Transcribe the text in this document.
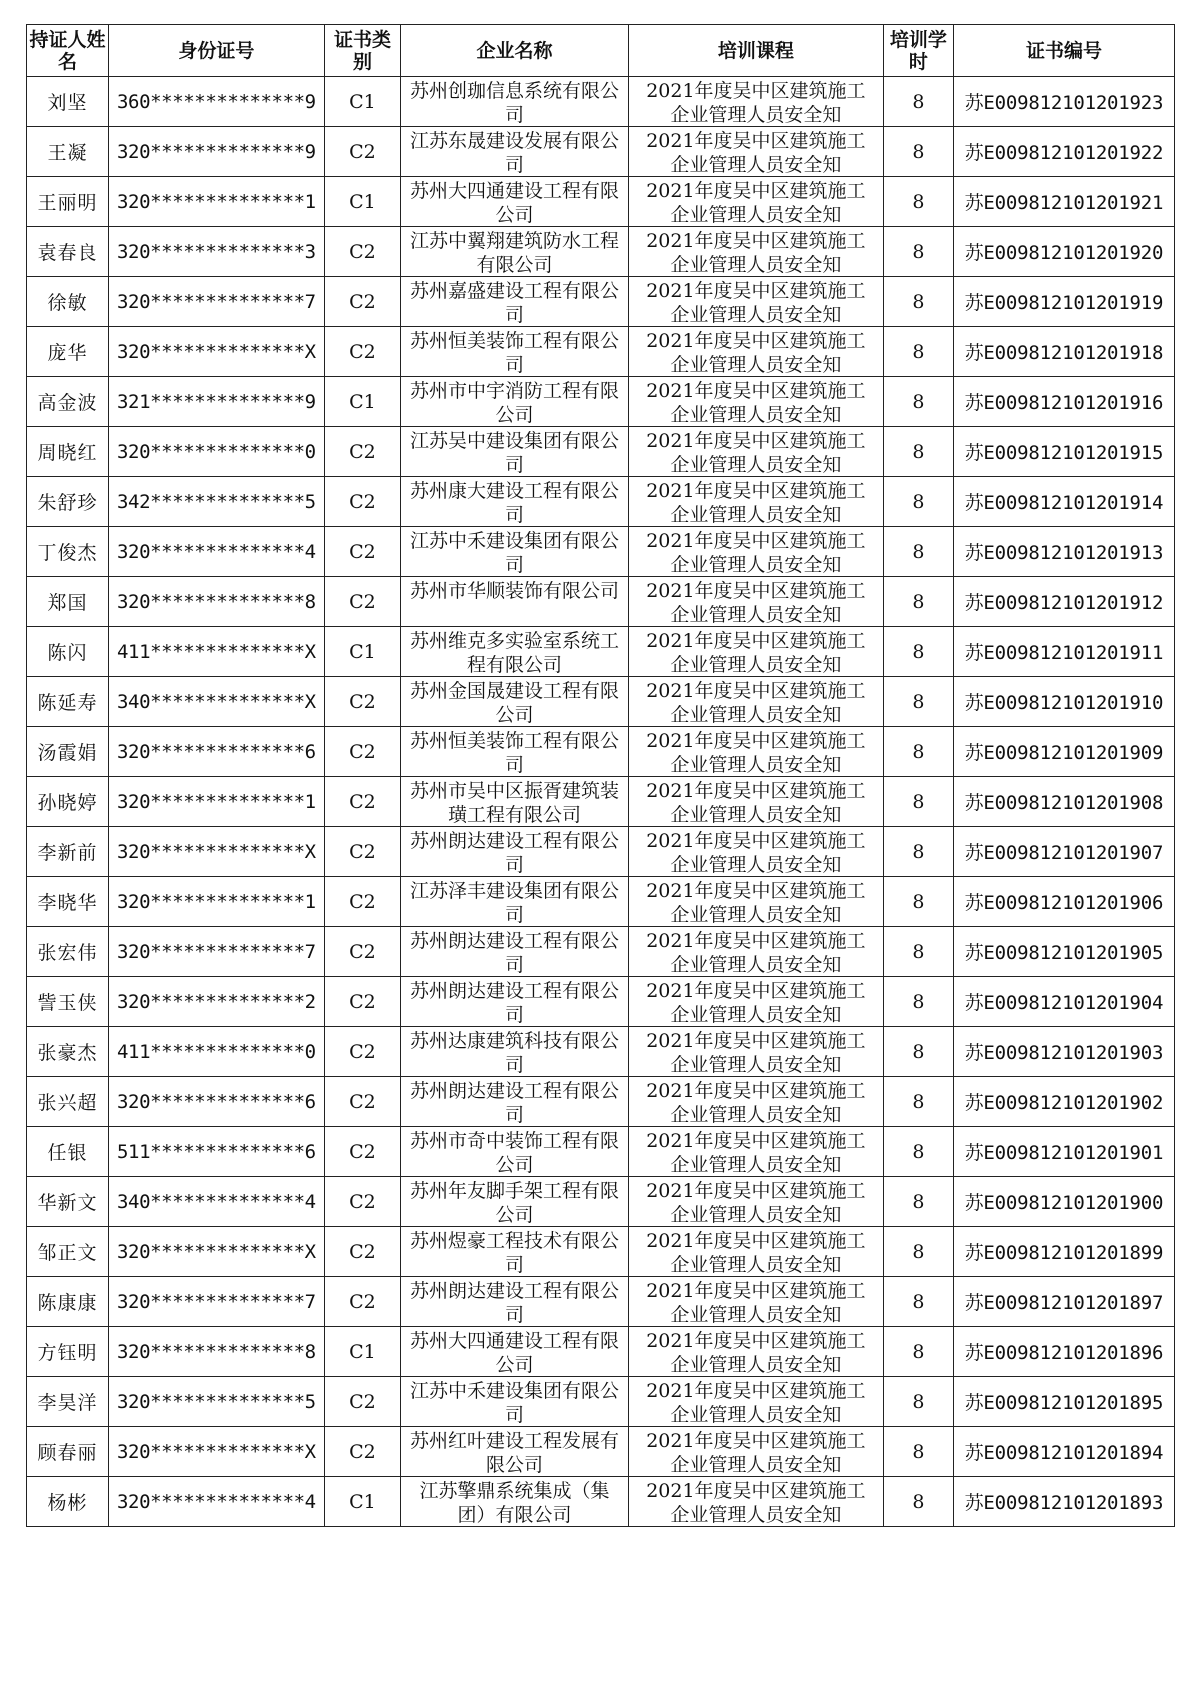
持证人姓名	身份证号	证书类别	企业名称	培训课程	培训学时	证书编号

刘坚	360**************9	C1	苏州创珈信息系统有限公司	2021年度吴中区建筑施工企业管理人员安全知	8	苏E009812101201923
王凝	320**************9	C2	江苏东晟建设发展有限公司	2021年度吴中区建筑施工企业管理人员安全知	8	苏E009812101201922
王丽明	320**************1	C1	苏州大四通建设工程有限公司	2021年度吴中区建筑施工企业管理人员安全知	8	苏E009812101201921
袁春良	320**************3	C2	江苏中翼翔建筑防水工程有限公司	2021年度吴中区建筑施工企业管理人员安全知	8	苏E009812101201920
徐敏	320**************7	C2	苏州嘉盛建设工程有限公司	2021年度吴中区建筑施工企业管理人员安全知	8	苏E009812101201919
庞华	320**************X	C2	苏州恒美装饰工程有限公司	2021年度吴中区建筑施工企业管理人员安全知	8	苏E009812101201918
高金波	321**************9	C1	苏州市中宇消防工程有限公司	2021年度吴中区建筑施工企业管理人员安全知	8	苏E009812101201916
周晓红	320**************0	C2	江苏吴中建设集团有限公司	2021年度吴中区建筑施工企业管理人员安全知	8	苏E009812101201915
朱舒珍	342**************5	C2	苏州康大建设工程有限公司	2021年度吴中区建筑施工企业管理人员安全知	8	苏E009812101201914
丁俊杰	320**************4	C2	江苏中禾建设集团有限公司	2021年度吴中区建筑施工企业管理人员安全知	8	苏E009812101201913
郑国	320**************8	C2	苏州市华顺装饰有限公司	2021年度吴中区建筑施工企业管理人员安全知	8	苏E009812101201912
陈闪	411**************X	C1	苏州维克多实验室系统工程有限公司	2021年度吴中区建筑施工企业管理人员安全知	8	苏E009812101201911
陈延寿	340**************X	C2	苏州金国晟建设工程有限公司	2021年度吴中区建筑施工企业管理人员安全知	8	苏E009812101201910
汤霞娟	320**************6	C2	苏州恒美装饰工程有限公司	2021年度吴中区建筑施工企业管理人员安全知	8	苏E009812101201909
孙晓婷	320**************1	C2	苏州市吴中区振胥建筑装璜工程有限公司	2021年度吴中区建筑施工企业管理人员安全知	8	苏E009812101201908
李新前	320**************X	C2	苏州朗达建设工程有限公司	2021年度吴中区建筑施工企业管理人员安全知	8	苏E009812101201907
李晓华	320**************1	C2	江苏泽丰建设集团有限公司	2021年度吴中区建筑施工企业管理人员安全知	8	苏E009812101201906
张宏伟	320**************7	C2	苏州朗达建设工程有限公司	2021年度吴中区建筑施工企业管理人员安全知	8	苏E009812101201905
訾玉侠	320**************2	C2	苏州朗达建设工程有限公司	2021年度吴中区建筑施工企业管理人员安全知	8	苏E009812101201904
张豪杰	411**************0	C2	苏州达康建筑科技有限公司	2021年度吴中区建筑施工企业管理人员安全知	8	苏E009812101201903
张兴超	320**************6	C2	苏州朗达建设工程有限公司	2021年度吴中区建筑施工企业管理人员安全知	8	苏E009812101201902
任银	511**************6	C2	苏州市奇中装饰工程有限公司	2021年度吴中区建筑施工企业管理人员安全知	8	苏E009812101201901
华新文	340**************4	C2	苏州年友脚手架工程有限公司	2021年度吴中区建筑施工企业管理人员安全知	8	苏E009812101201900
邹正文	320**************X	C2	苏州煜豪工程技术有限公司	2021年度吴中区建筑施工企业管理人员安全知	8	苏E009812101201899
陈康康	320**************7	C2	苏州朗达建设工程有限公司	2021年度吴中区建筑施工企业管理人员安全知	8	苏E009812101201897
方钰明	320**************8	C1	苏州大四通建设工程有限公司	2021年度吴中区建筑施工企业管理人员安全知	8	苏E009812101201896
李昊洋	320**************5	C2	江苏中禾建设集团有限公司	2021年度吴中区建筑施工企业管理人员安全知	8	苏E009812101201895
顾春丽	320**************X	C2	苏州红叶建设工程发展有限公司	2021年度吴中区建筑施工企业管理人员安全知	8	苏E009812101201894
杨彬	320**************4	C1	江苏擎鼎系统集成（集团）有限公司	2021年度吴中区建筑施工企业管理人员安全知	8	苏E009812101201893
